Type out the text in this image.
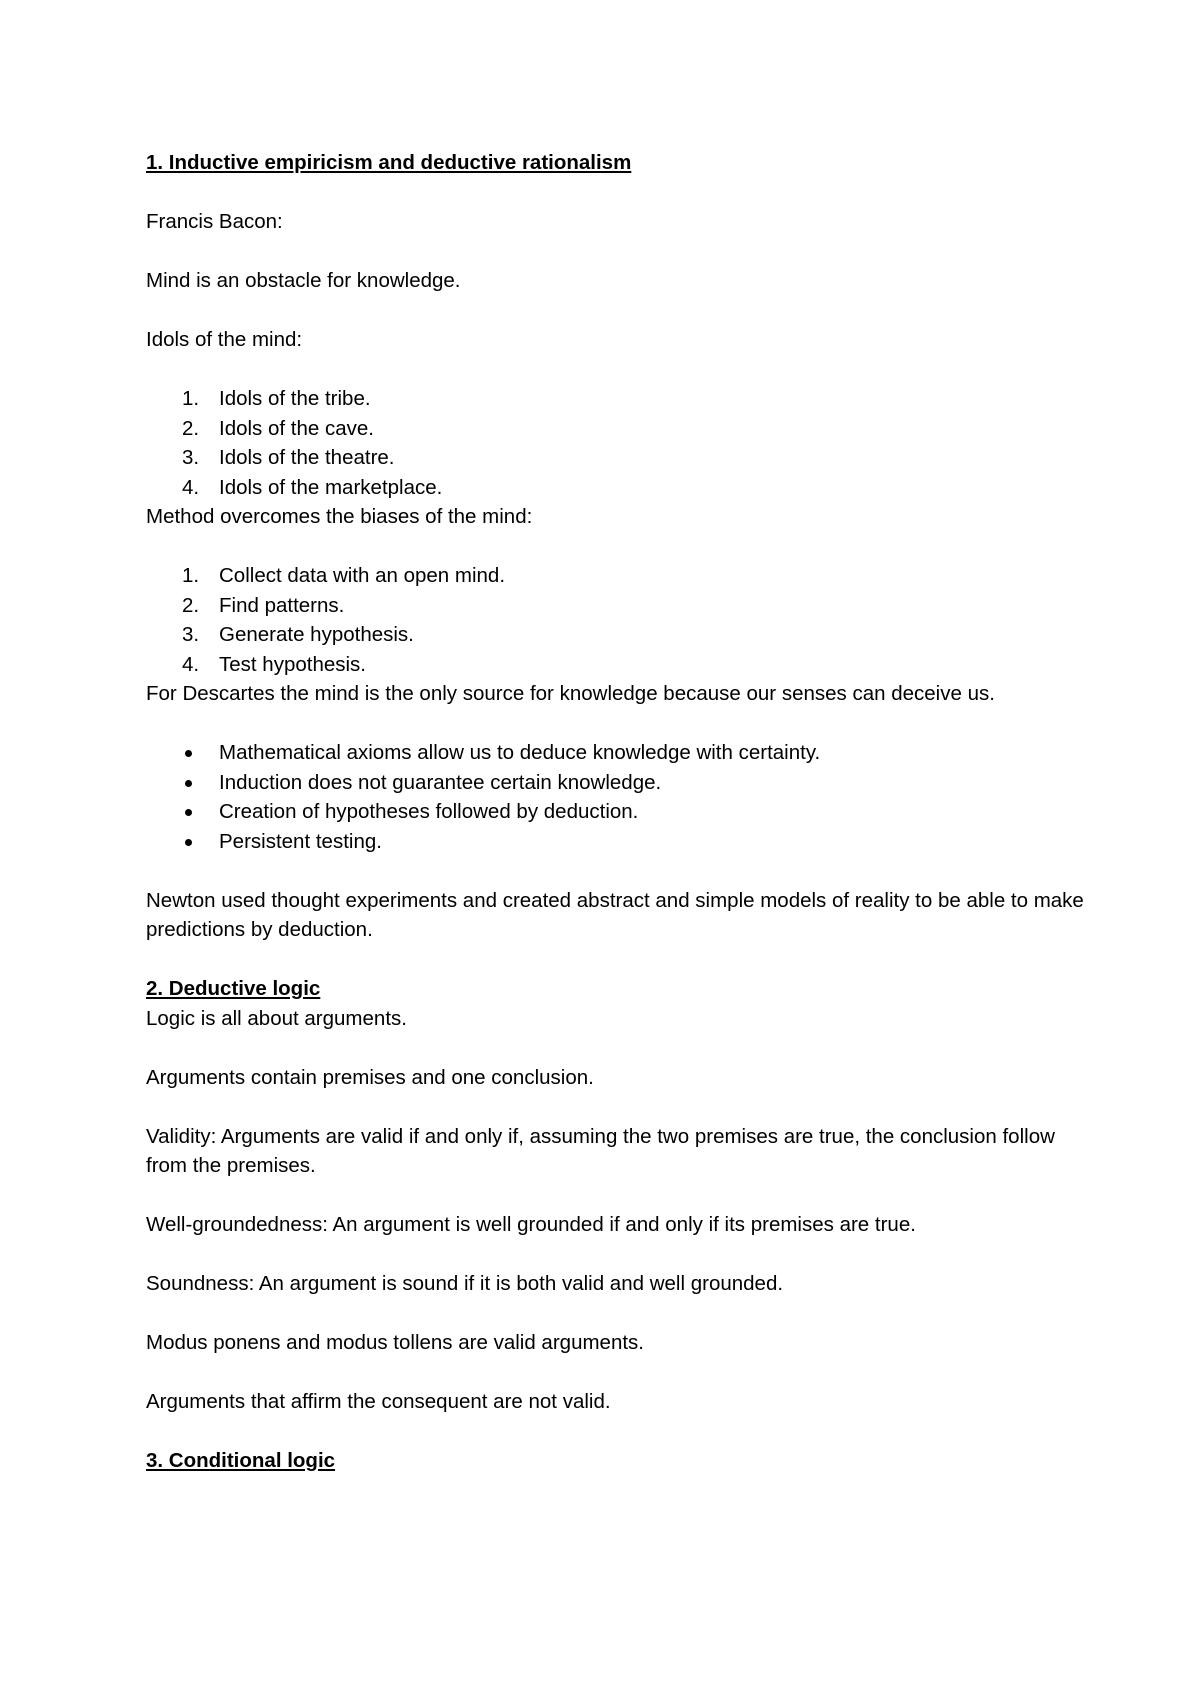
1. Inductive empiricism and deductive rationalism

Francis Bacon:

Mind is an obstacle for knowledge.

Idols of the mind:

1. Idols of the tribe.
2. Idols of the cave.
3. Idols of the theatre.
4. Idols of the marketplace.

Method overcomes the biases of the mind:

1. Collect data with an open mind.
2. Find patterns.
3. Generate hypothesis.
4. Test hypothesis.

For Descartes the mind is the only source for knowledge because our senses can deceive us.

Mathematical axioms allow us to deduce knowledge with certainty.
Induction does not guarantee certain knowledge.
Creation of hypotheses followed by deduction.
Persistent testing.

Newton used thought experiments and created abstract and simple models of reality to be able to make predictions by deduction.

2. Deductive logic

Logic is all about arguments.

Arguments contain premises and one conclusion.

Validity: Arguments are valid if and only if, assuming the two premises are true, the conclusion follow from the premises.

Well-groundedness: An argument is well grounded if and only if its premises are true.

Soundness: An argument is sound if it is both valid and well grounded.

Modus ponens and modus tollens are valid arguments.

Arguments that affirm the consequent are not valid.

3. Conditional logic
